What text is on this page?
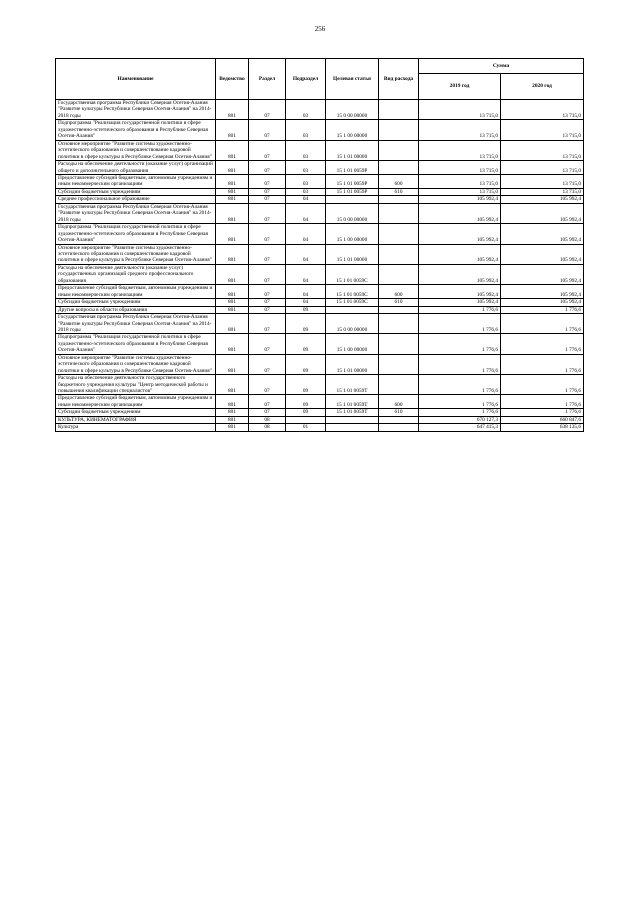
256
Наименование	Ведомство	Раздел	Подраздел	Целевая статья	Вид расхода	Сумма	
						2019 год	2020 год
Государственная программа Республики Северная Осетия-Алания "Развитие культуры Республики Северная Осетия-Алания" на 2014-2018 годы	801	07	03	15 0 00 00000		13 715,0	13 715,0
Подпрограмма "Реализация государственной политики в сфере художественно-эстетического образования в Республике Северная Осетия-Алания"	801	07	03	15 1 00 00000		13 715,0	13 715,0
Основное мероприятие "Развитие системы художественно-эстетического образования и совершенствование кадровой политики в сфере культуры в Республике Северная Осетия-Алания"	801	07	03	15 1 01 00000		13 715,0	13 715,0
Расходы на обеспечение деятельности (оказание услуг) организаций общего и дополнительного образования	801	07	03	15 1 01 0059Р		13 715,0	13 715,0
Предоставление субсидий бюджетным, автономным учреждениям и иным некоммерческим организациям	801	07	03	15 1 01 0059Р	600	13 715,0	13 715,0
Субсидии бюджетным учреждениям	801	07	03	15 1 01 0059Р	610	13 715,0	13 715,0
Среднее профессиональное образование	801	07	04			105 992,4	105 992,4
Государственная программа Республики Северная Осетия-Алания "Развитие культуры Республики Северная Осетия-Алания" на 2014-2018 годы	801	07	04	15 0 00 00000		105 992,4	105 992,4
Подпрограмма "Реализация государственной политики в сфере художественно-эстетического образования в Республике Северная Осетия-Алания"	801	07	04	15 1 00 00000		105 992,4	105 992,4
Основное мероприятие "Развитие системы художественно-эстетического образования и совершенствование кадровой политики в сфере культуры в Республике Северная Осетия-Алания"	801	07	04	15 1 01 00000		105 992,4	105 992,4
Расходы на обеспечение деятельности (оказание услуг) государственных организаций среднего профессионального образования	801	07	04	15 1 01 0059С		105 992,4	105 992,4
Предоставление субсидий бюджетным, автономным учреждениям и иным некоммерческим организациям	801	07	04	15 1 01 0059С	600	105 992,4	105 992,4
Субсидии бюджетным учреждениям	801	07	04	15 1 01 0059С	610	105 992,4	105 992,4
Другие вопросы в области образования	801	07	09			1 776,6	1 776,6
Государственная программа Республики Северная Осетия-Алания "Развитие культуры Республики Северная Осетия-Алания" на 2014-2018 годы	801	07	09	15 0 00 00000		1 776,6	1 776,6
Подпрограмма "Реализация государственной политики в сфере художественно-эстетического образования в Республике Северная Осетия-Алания"	801	07	09	15 1 00 00000		1 776,6	1 776,6
Основное мероприятие "Развитие системы художественно-эстетического образования и совершенствование кадровой политики в сфере культуры в Республике Северная Осетия-Алания"	801	07	09	15 1 01 00000		1 776,6	1 776,6
Расходы на обеспечение деятельности государственного бюджетного учреждения культуры "Центр методической работы и повышения квалификации специалистов"	801	07	09	15 1 01 0059Т		1 776,6	1 776,6
Предоставление субсидий бюджетным, автономным учреждениям и иным некоммерческим организациям	801	07	09	15 1 01 0059Т	600	1 776,6	1 776,6
Субсидии бюджетным учреждениям	801	07	09	15 1 01 0059Т	610	1 776,6	1 776,6
КУЛЬТУРА, КИНЕМАТОГРАФИЯ	801	08				670 127,3	660 847,6
Культура	801	08	01			647 415,3	638 135,6
